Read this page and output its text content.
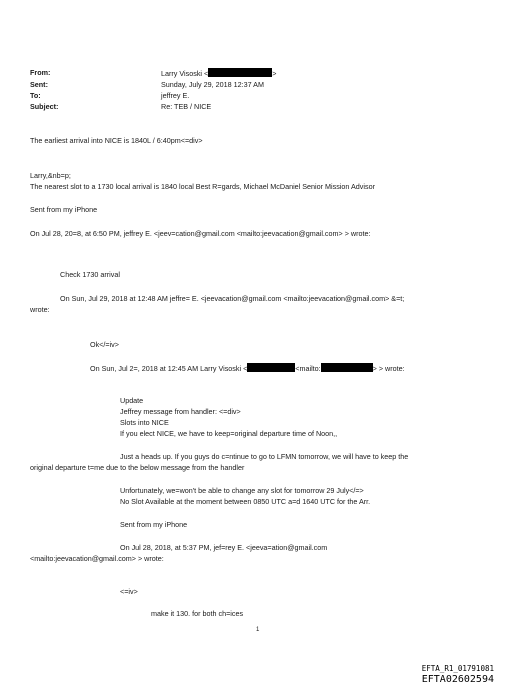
From:	Larry Visoski <	>
Sent:	Sunday, July 29, 2018 12:37 AM
To:	jeffrey E.
Subject:	Re: TEB / NICE
The earliest arrival into NICE is 1840L / 6:40pm<=div>
Larry,&nb=p;
The nearest slot to a 1730 local arrival is 1840 local Best R=gards, Michael McDaniel Senior Mission Advisor
Sent from my iPhone
On Jul 28, 20=8, at 6:50 PM, jeffrey E. <jeev=cation@gmail.com <mailto:jeevacation@gmail.com> > wrote:
Check 1730 arrival
On Sun, Jul 29, 2018 at 12:48 AM jeffre= E. <jeevacation@gmail.com <mailto:jeevacation@gmail.com> &=t;
wrote:
Ok</=iv>
On Sun, Jul 2=, 2018 at 12:45 AM Larry Visoski <	<mailto:	> > wrote:
Update
Jeffrey message from handler: <=div>
Slots into NICE
If you elect NICE, we have to keep=original departure time of Noon,,
Just a heads up. If you guys do c=ntinue to go to LFMN tomorrow, we will have to keep the
original departure t=me due to the below message from the handler
Unfortunately, we=won't be able to change any slot for tomorrow 29 July</=>
No Slot Available at the moment between 0850 UTC a=d 1640 UTC for the Arr.
Sent from my iPhone
On Jul 28, 2018, at 5:37 PM, jef=rey E. <jeeva=ation@gmail.com
<mailto:jeevacation@gmail.com> > wrote:
<=iv>
make it 130. for both ch=ices
1
EFTA_R1_01791081
EFTA02602594
